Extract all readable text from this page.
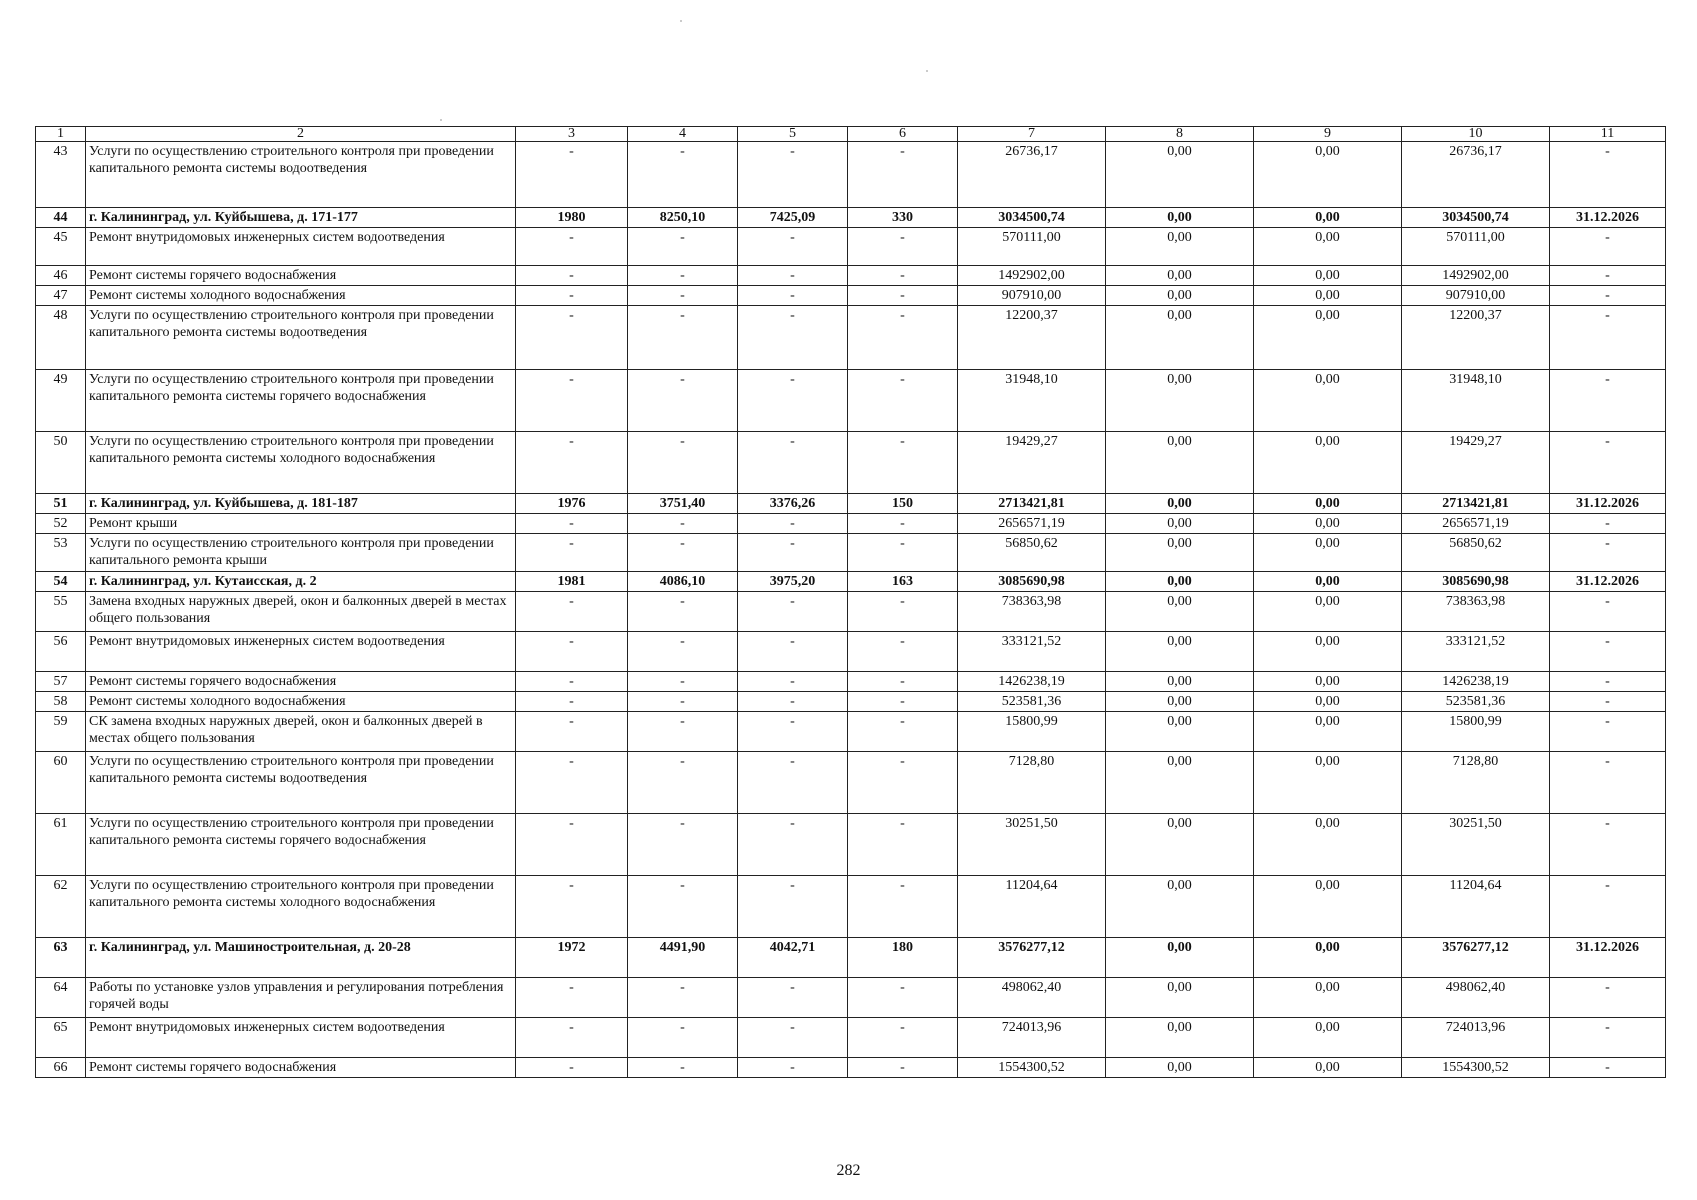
1	2	3	4	5	6	7	8	9	10	11
43	Услуги по осуществлению строительного контроля при проведении капитального ремонта системы водоотведения	-	-	-	-	26736,17	0,00	0,00	26736,17	-
44	г. Калининград, ул. Куйбышева, д. 171-177	1980	8250,10	7425,09	330	3034500,74	0,00	0,00	3034500,74	31.12.2026
45	Ремонт внутридомовых инженерных систем водоотведения	-	-	-	-	570111,00	0,00	0,00	570111,00	-
46	Ремонт системы горячего водоснабжения	-	-	-	-	1492902,00	0,00	0,00	1492902,00	-
47	Ремонт системы холодного водоснабжения	-	-	-	-	907910,00	0,00	0,00	907910,00	-
48	Услуги по осуществлению строительного контроля при проведении капитального ремонта системы водоотведения	-	-	-	-	12200,37	0,00	0,00	12200,37	-
49	Услуги по осуществлению строительного контроля при проведении капитального ремонта системы горячего водоснабжения	-	-	-	-	31948,10	0,00	0,00	31948,10	-
50	Услуги по осуществлению строительного контроля при проведении капитального ремонта системы холодного водоснабжения	-	-	-	-	19429,27	0,00	0,00	19429,27	-
51	г. Калининград, ул. Куйбышева, д. 181-187	1976	3751,40	3376,26	150	2713421,81	0,00	0,00	2713421,81	31.12.2026
52	Ремонт крыши	-	-	-	-	2656571,19	0,00	0,00	2656571,19	-
53	Услуги по осуществлению строительного контроля при проведении капитального ремонта крыши	-	-	-	-	56850,62	0,00	0,00	56850,62	-
54	г. Калининград, ул. Кутаисская, д. 2	1981	4086,10	3975,20	163	3085690,98	0,00	0,00	3085690,98	31.12.2026
55	Замена входных наружных дверей, окон и балконных дверей в местах общего пользования	-	-	-	-	738363,98	0,00	0,00	738363,98	-
56	Ремонт внутридомовых инженерных систем водоотведения	-	-	-	-	333121,52	0,00	0,00	333121,52	-
57	Ремонт системы горячего водоснабжения	-	-	-	-	1426238,19	0,00	0,00	1426238,19	-
58	Ремонт системы холодного водоснабжения	-	-	-	-	523581,36	0,00	0,00	523581,36	-
59	СК замена входных наружных дверей, окон и балконных дверей в местах общего пользования	-	-	-	-	15800,99	0,00	0,00	15800,99	-
60	Услуги по осуществлению строительного контроля при проведении капитального ремонта системы водоотведения	-	-	-	-	7128,80	0,00	0,00	7128,80	-
61	Услуги по осуществлению строительного контроля при проведении капитального ремонта системы горячего водоснабжения	-	-	-	-	30251,50	0,00	0,00	30251,50	-
62	Услуги по осуществлению строительного контроля при проведении капитального ремонта системы холодного водоснабжения	-	-	-	-	11204,64	0,00	0,00	11204,64	-
63	г. Калининград, ул. Машиностроительная, д. 20-28	1972	4491,90	4042,71	180	3576277,12	0,00	0,00	3576277,12	31.12.2026
64	Работы по установке узлов управления и регулирования потребления горячей воды	-	-	-	-	498062,40	0,00	0,00	498062,40	-
65	Ремонт внутридомовых инженерных систем водоотведения	-	-	-	-	724013,96	0,00	0,00	724013,96	-
66	Ремонт системы горячего водоснабжения	-	-	-	-	1554300,52	0,00	0,00	1554300,52	-
282
